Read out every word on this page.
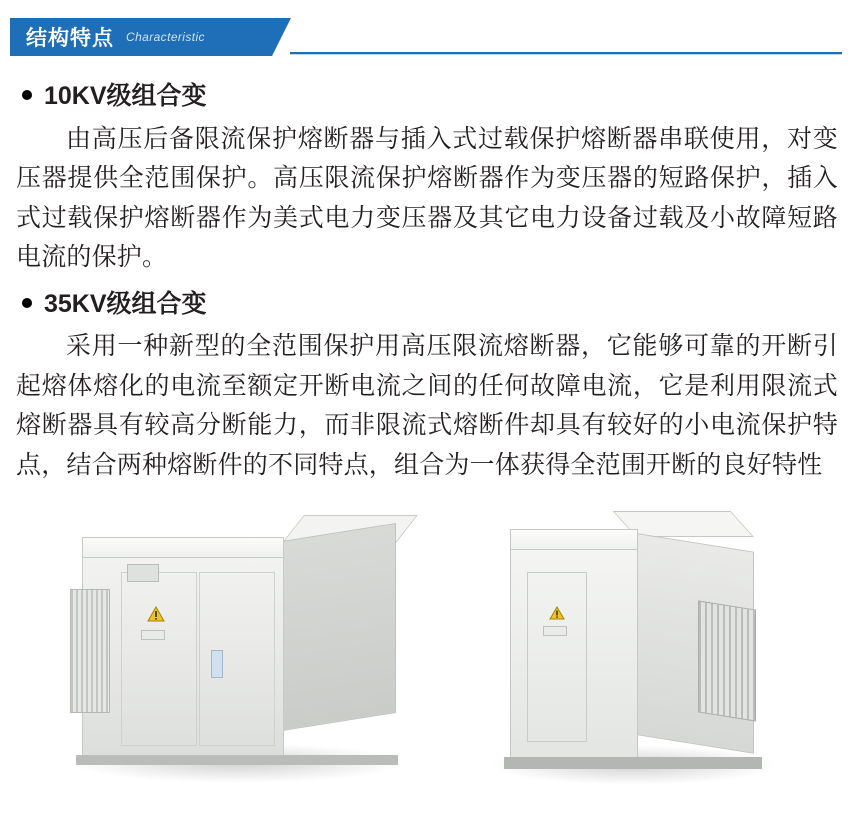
结构特点 Characteristic
10KV级组合变

由高压后备限流保护熔断器与插入式过载保护熔断器串联使用，对变压器提供全范围保护。高压限流保护熔断器作为变压器的短路保护，插入式过载保护熔断器作为美式电力变压器及其它电力设备过载及小故障短路电流的保护。

35KV级组合变

采用一种新型的全范围保护用高压限流熔断器，它能够可靠的开断引起熔体熔化的电流至额定开断电流之间的任何故障电流，它是利用限流式熔断器具有较高分断能力，而非限流式熔断件却具有较好的小电流保护特点，结合两种熔断件的不同特点，组合为一体获得全范围开断的良好特性
